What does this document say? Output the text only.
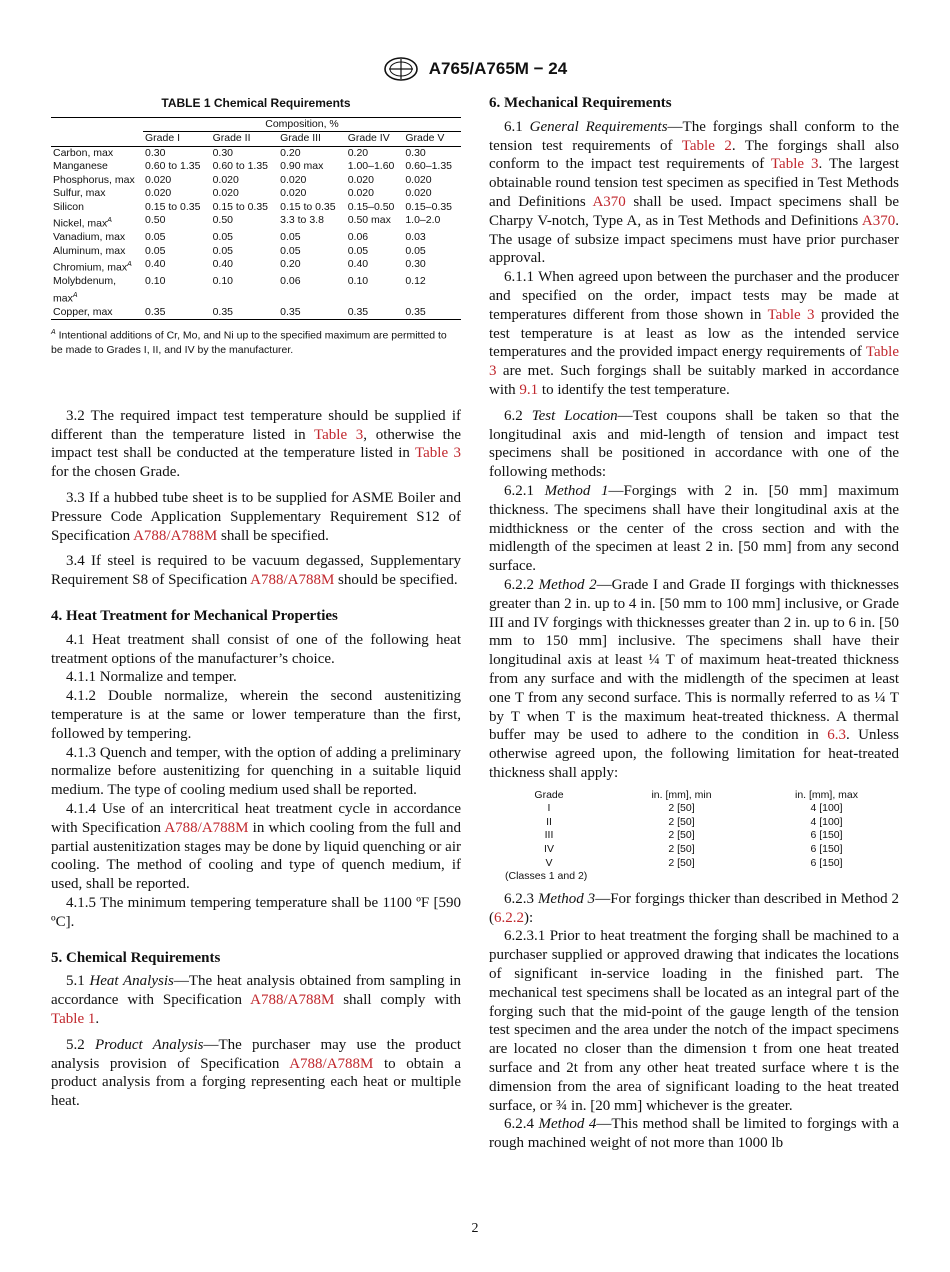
A765/A765M − 24
TABLE 1 Chemical Requirements
	Composition, %				
	Grade I	Grade II	Grade III	Grade IV	Grade V
Carbon, max	0.30	0.30	0.20	0.20	0.30
Manganese	0.60 to 1.35	0.60 to 1.35	0.90 max	1.00–1.60	0.60–1.35
Phosphorus, max	0.020	0.020	0.020	0.020	0.020
Sulfur, max	0.020	0.020	0.020	0.020	0.020
Silicon	0.15 to 0.35	0.15 to 0.35	0.15 to 0.35	0.15–0.50	0.15–0.35
Nickel, $\max^A$	0.50	0.50	3.3 to 3.8	0.50 max	1.0–2.0
Vanadium, max	0.05	0.05	0.05	0.06	0.03
Aluminum, max	0.05	0.05	0.05	0.05	0.05
Chromium, $\max^A$	0.40	0.40	0.20	0.40	0.30
Molybdenum, $\max^A$	0.10	0.10	0.06	0.10	0.12
Copper, max	0.35	0.35	0.35	0.35	0.35
$^A$ Intentional additions of Cr, Mo, and Ni up to the specified maximum are permitted to be made to Grades I, II, and IV by the manufacturer.

3.2 The required impact test temperature should be supplied if different than the temperature listed in Table 3, otherwise the impact test shall be conducted at the temperature listed in Table 3 for the chosen Grade.

3.3 If a hubbed tube sheet is to be supplied for ASME Boiler and Pressure Code Application Supplementary Requirement S12 of Specification A788/A788M shall be specified.

3.4 If steel is required to be vacuum degassed, Supplementary Requirement S8 of Specification A788/A788M should be specified.

4. Heat Treatment for Mechanical Properties

4.1 Heat treatment shall consist of one of the following heat treatment options of the manufacturer’s choice.

4.1.1 Normalize and temper.

4.1.2 Double normalize, wherein the second austenitizing temperature is at the same or lower temperature than the first, followed by tempering.

4.1.3 Quench and temper, with the option of adding a preliminary normalize before austenitizing for quenching in a suitable liquid medium. The type of cooling medium used shall be reported.

4.1.4 Use of an intercritical heat treatment cycle in accordance with Specification A788/A788M in which cooling from the full and partial austenitization stages may be done by liquid quenching or air cooling. The method of cooling and type of quench medium, if used, shall be reported.

4.1.5 The minimum tempering temperature shall be 1100 ºF [590 ºC].

5. Chemical Requirements

5.1 Heat Analysis—The heat analysis obtained from sampling in accordance with Specification A788/A788M shall comply with Table 1.

5.2 Product Analysis—The purchaser may use the product analysis provision of Specification A788/A788M to obtain a product analysis from a forging representing each heat or multiple heat.

6. Mechanical Requirements

6.1 General Requirements—The forgings shall conform to the tension test requirements of Table 2. The forgings shall also conform to the impact test requirements of Table 3. The largest obtainable round tension test specimen as specified in Test Methods and Definitions A370 shall be used. Impact specimens shall be Charpy V-notch, Type A, as in Test Methods and Definitions A370. The usage of subsize impact specimens must have prior purchaser approval.

6.1.1 When agreed upon between the purchaser and the producer and specified on the order, impact tests may be made at temperatures different from those shown in Table 3 provided the test temperature is at least as low as the intended service temperatures and the provided impact energy requirements of Table 3 are met. Such forgings shall be suitably marked in accordance with 9.1 to identify the test temperature.

6.2 Test Location—Test coupons shall be taken so that the longitudinal axis and mid-length of tension and impact test specimens shall be positioned in accordance with one of the following methods:

6.2.1 Method 1—Forgings with 2 in. [50 mm] maximum thickness. The specimens shall have their longitudinal axis at the midthickness or the center of the cross section and with the midlength of the specimen at least 2 in. [50 mm] from any second surface.

6.2.2 Method 2—Grade I and Grade II forgings with thicknesses greater than 2 in. up to 4 in. [50 mm to 100 mm] inclusive, or Grade III and IV forgings with thicknesses greater than 2 in. up to 6 in. [50 mm to 150 mm] inclusive. The specimens shall have their longitudinal axis at least ¼ T of maximum heat-treated thickness from any surface and with the midlength of the specimen at least one T from any second surface. This is normally referred to as ¼ T by T when T is the maximum heat-treated thickness. A thermal buffer may be used to adhere to the condition in 6.3. Unless otherwise agreed upon, the following limitation for heat-treated thickness shall apply:

Grade	in. [mm], min	in. [mm], max
I	2 [50]	4 [100]
II	2 [50]	4 [100]
III	2 [50]	6 [150]
IV	2 [50]	6 [150]
V	2 [50]	6 [150]
(Classes 1 and 2)		

6.2.3 Method 3—For forgings thicker than described in Method 2 (6.2.2):

6.2.3.1 Prior to heat treatment the forging shall be machined to a purchaser supplied or approved drawing that indicates the locations of significant in-service loading in the finished part. The mechanical test specimens shall be located as an integral part of the forging such that the mid-point of the gauge length of the tension test specimen and the area under the notch of the impact specimens are located no closer than the dimension t from one heat treated surface and 2t from any other heat treated surface where t is the dimension from the area of significant loading to the heat treated surface, or ¾ in. [20 mm] whichever is the greater.

6.2.4 Method 4—This method shall be limited to forgings with a rough machined weight of not more than 1000 lb

2
